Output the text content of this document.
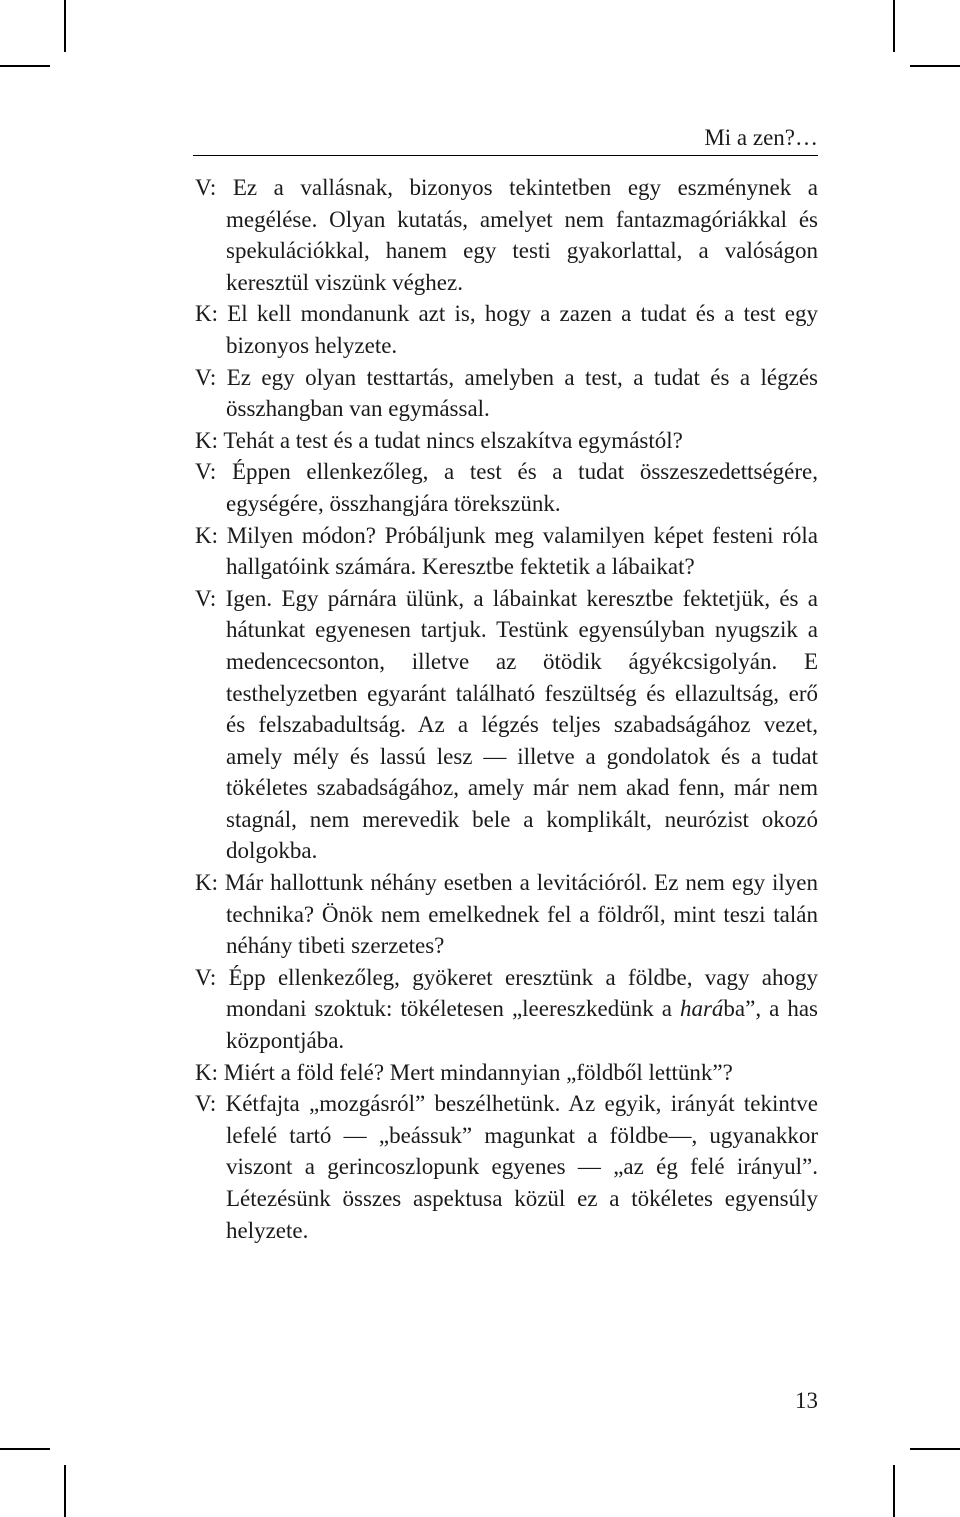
Mi a zen?…

V: Ez a vallásnak, bizonyos tekintetben egy eszménynek a megélése. Olyan kutatás, amelyet nem fantazmagóriákkal és spekulációkkal, hanem egy testi gyakorlattal, a valóságon keresztül viszünk véghez.

K: El kell mondanunk azt is, hogy a zazen a tudat és a test egy bizonyos helyzete.

V: Ez egy olyan testtartás, amelyben a test, a tudat és a légzés összhangban van egymással.

K: Tehát a test és a tudat nincs elszakítva egymástól?

V: Éppen ellenkezőleg, a test és a tudat összeszedettségére, egységére, összhangjára törekszünk.

K: Milyen módon? Próbáljunk meg valamilyen képet festeni róla hallgatóink számára. Keresztbe fektetik a lábaikat?

V: Igen. Egy párnára ülünk, a lábainkat keresztbe fektetjük, és a hátunkat egyenesen tartjuk. Testünk egyensúlyban nyugszik a medencecsonton, illetve az ötödik ágyékcsigolyán. E testhelyzetben egyaránt található feszültség és ellazultság, erő és felszabadultság. Az a légzés teljes szabadságához vezet, amely mély és lassú lesz — illetve a gondolatok és a tudat tökéletes szabadságához, amely már nem akad fenn, már nem stagnál, nem merevedik bele a komplikált, neurózist okozó dolgokba.

K: Már hallottunk néhány esetben a levitációról. Ez nem egy ilyen technika? Önök nem emelkednek fel a földről, mint teszi talán néhány tibeti szerzetes?

V: Épp ellenkezőleg, gyökeret eresztünk a földbe, vagy ahogy mondani szoktuk: tökéletesen „leereszkedünk a harába”, a has központjába.

K: Miért a föld felé? Mert mindannyian „földből lettünk”?

V: Kétfajta „mozgásról” beszélhetünk. Az egyik, irányát tekintve lefelé tartó — „beássuk” magunkat a földbe—, ugyanakkor viszont a gerincoszlopunk egyenes — „az ég felé irányul”. Létezésünk összes aspektusa közül ez a tökéletes egyensúly helyzete.

13
